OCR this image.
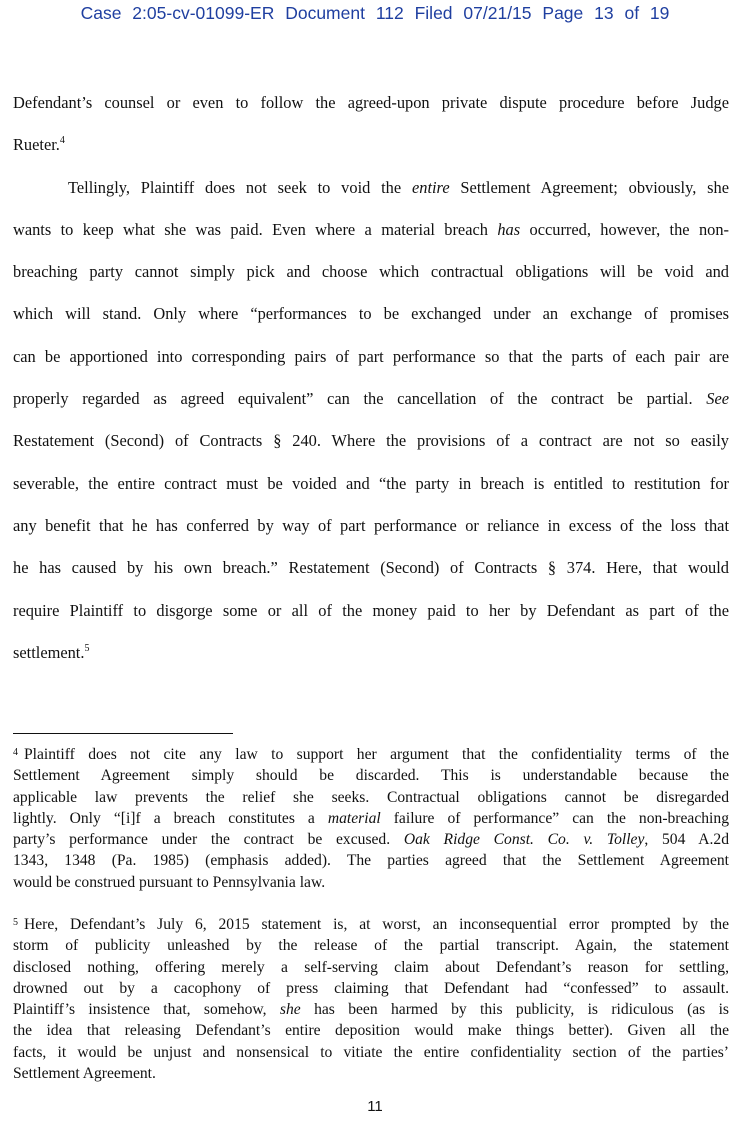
Case 2:05-cv-01099-ER Document 112 Filed 07/21/15 Page 13 of 19

Defendant’s counsel or even to follow the agreed-upon private dispute procedure before Judge
Rueter.$^4$

Tellingly, Plaintiff does not seek to void the entire Settlement Agreement; obviously, she
wants to keep what she was paid. Even where a material breach has occurred, however, the non-
breaching party cannot simply pick and choose which contractual obligations will be void and
which will stand. Only where “performances to be exchanged under an exchange of promises
can be apportioned into corresponding pairs of part performance so that the parts of each pair are
properly regarded as agreed equivalent” can the cancellation of the contract be partial. See
Restatement (Second) of Contracts § 240. Where the provisions of a contract are not so easily
severable, the entire contract must be voided and “the party in breach is entitled to restitution for
any benefit that he has conferred by way of part performance or reliance in excess of the loss that
he has caused by his own breach.” Restatement (Second) of Contracts § 374. Here, that would
require Plaintiff to disgorge some or all of the money paid to her by Defendant as part of the
settlement.$^5$

$^4$ Plaintiff does not cite any law to support her argument that the confidentiality terms of the
Settlement Agreement simply should be discarded. This is understandable because the
applicable law prevents the relief she seeks. Contractual obligations cannot be disregarded
lightly. Only “[i]f a breach constitutes a material failure of performance” can the non-breaching
party’s performance under the contract be excused. Oak Ridge Const. Co. v. Tolley, 504 A.2d
1343, 1348 (Pa. 1985) (emphasis added). The parties agreed that the Settlement Agreement
would be construed pursuant to Pennsylvania law.
$^5$ Here, Defendant’s July 6, 2015 statement is, at worst, an inconsequential error prompted by the
storm of publicity unleashed by the release of the partial transcript. Again, the statement
disclosed nothing, offering merely a self-serving claim about Defendant’s reason for settling,
drowned out by a cacophony of press claiming that Defendant had “confessed” to assault.
Plaintiff’s insistence that, somehow, she has been harmed by this publicity, is ridiculous (as is
the idea that releasing Defendant’s entire deposition would make things better). Given all the
facts, it would be unjust and nonsensical to vitiate the entire confidentiality section of the parties’
Settlement Agreement.
11
